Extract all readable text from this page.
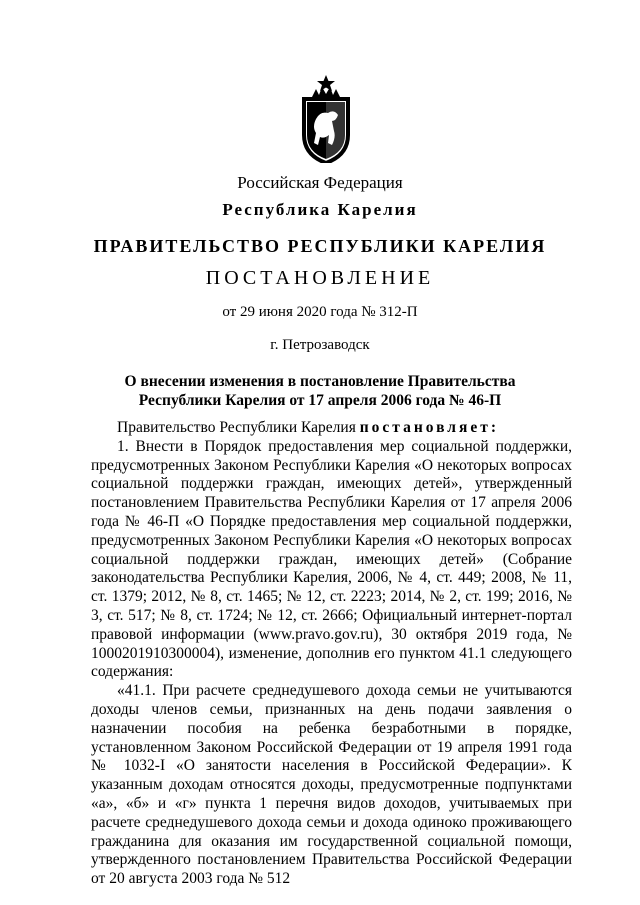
Российская Федерация
Республика Карелия
ПРАВИТЕЛЬСТВО РЕСПУБЛИКИ КАРЕЛИЯ
ПОСТАНОВЛЕНИЕ
от 29 июня 2020 года № 312-П
г. Петрозаводск
О внесении изменения в постановление Правительства
Республики Карелия от 17 апреля 2006 года № 46-П

Правительство Республики Карелия постановляет:

1. Внести в Порядок предоставления мер социальной поддержки, предусмотренных Законом Республики Карелия «О некоторых вопросах социальной поддержки граждан, имеющих детей», утвержденный постановлением Правительства Республики Карелия от 17 апреля 2006 года № 46-П «О Порядке предоставления мер социальной поддержки, предусмотренных Законом Республики Карелия «О некоторых вопросах социальной поддержки граждан, имеющих детей» (Собрание законодательства Республики Карелия, 2006, № 4, ст. 449; 2008, № 11, ст. 1379; 2012, № 8, ст. 1465; № 12, ст. 2223; 2014, № 2, ст. 199; 2016, № 3, ст. 517; № 8, ст. 1724; № 12, ст. 2666; Официальный интернет-портал правовой информации (www.pravo.gov.ru), 30 октября 2019 года, № 1000201910300004), изменение, дополнив его пунктом 41.1 следующего содержания:

«41.1. При расчете среднедушевого дохода семьи не учитываются доходы членов семьи, признанных на день подачи заявления о назначении пособия на ребенка безработными в порядке, установленном Законом Российской Федерации от 19 апреля 1991 года № 1032-I «О занятости населения в Российской Федерации». К указанным доходам относятся доходы, предусмотренные подпунктами «а», «б» и «г» пункта 1 перечня видов доходов, учитываемых при расчете среднедушевого дохода семьи и дохода одиноко проживающего гражданина для оказания им государственной социальной помощи, утвержденного постановлением Правительства Российской Федерации от 20 августа 2003 года № 512
